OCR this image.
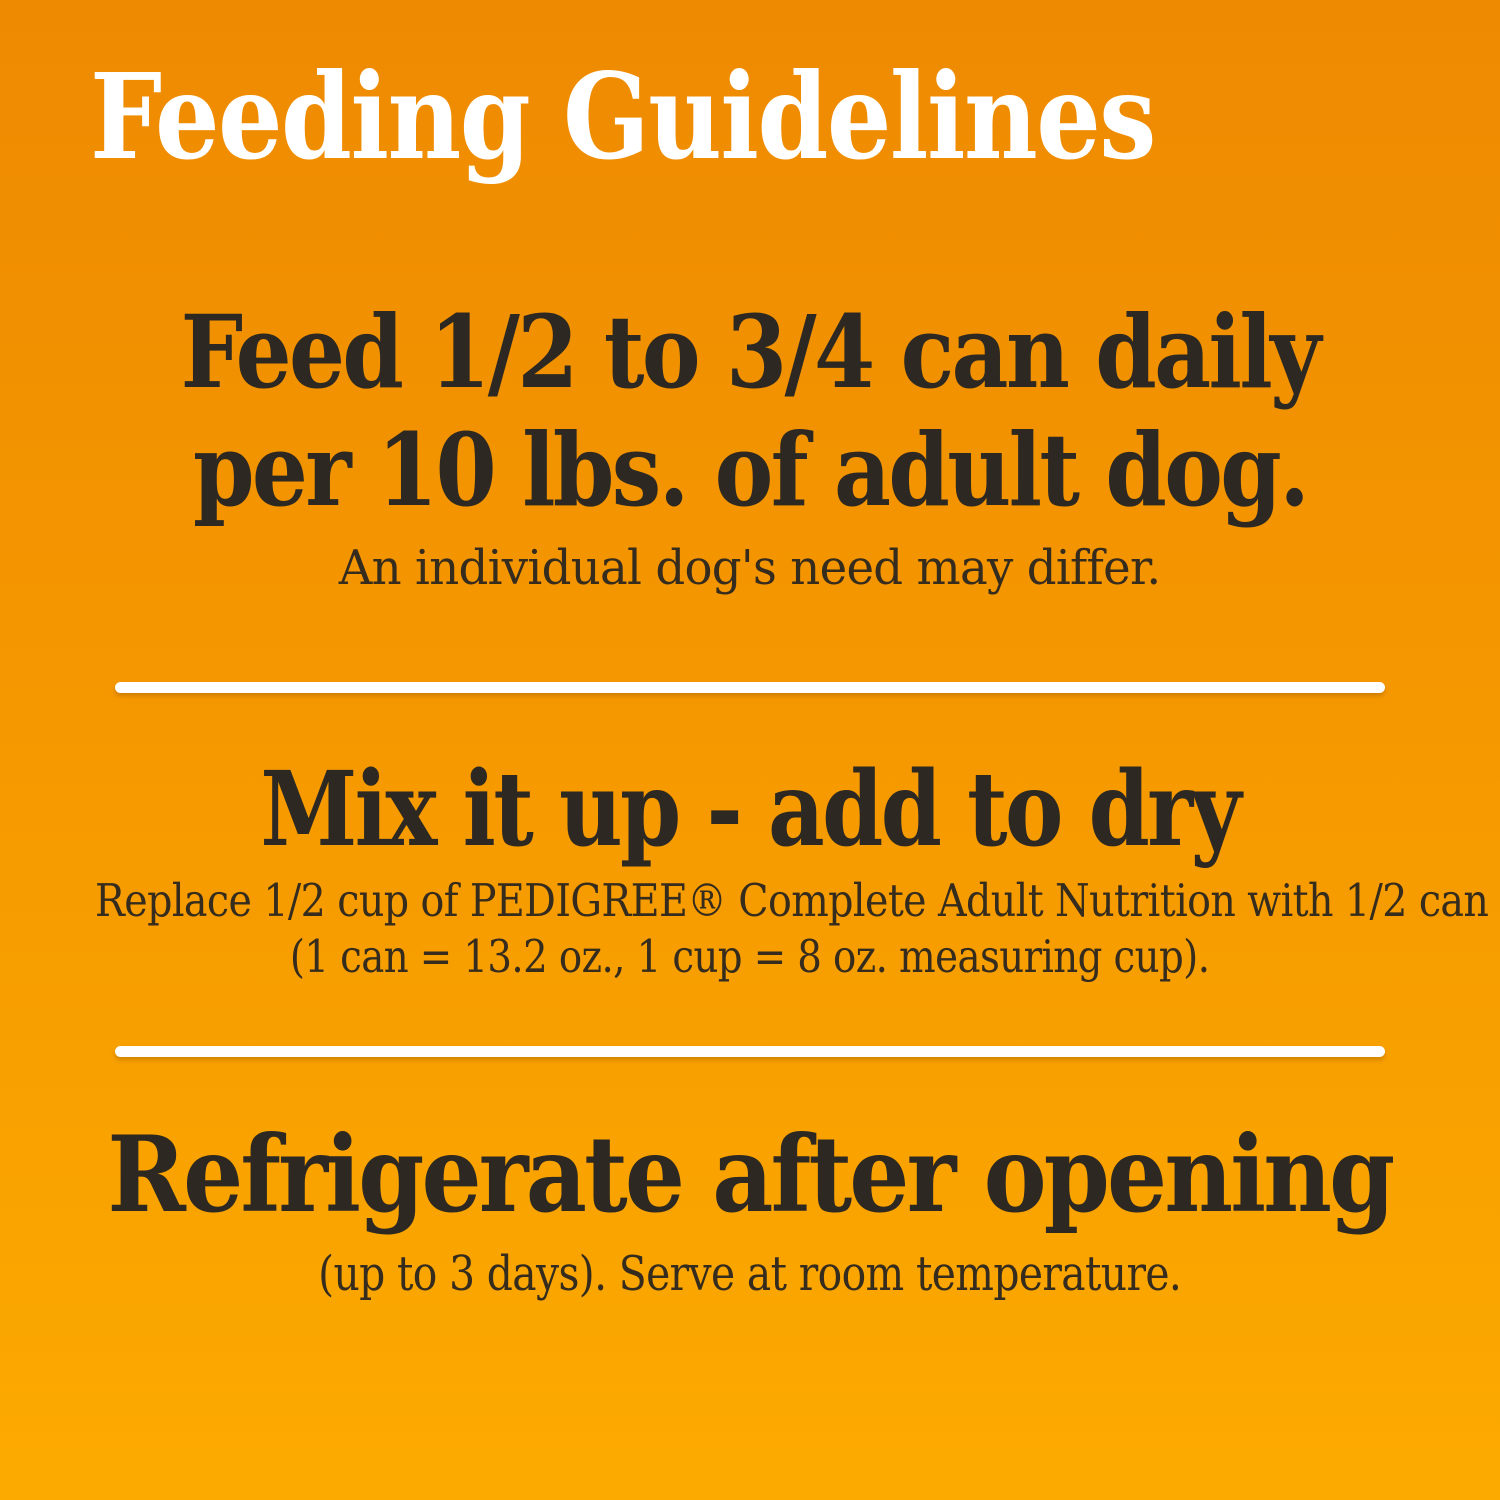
Feeding Guidelines
Feed 1/2 to 3/4 can daily
per 10 lbs. of adult dog.
An individual dog's need may differ.
Mix it up - add to dry
Replace 1/2 cup of PEDIGREE® Complete Adult Nutrition with 1/2 can
(1 can = 13.2 oz., 1 cup = 8 oz. measuring cup).
Refrigerate after opening
(up to 3 days). Serve at room temperature.
